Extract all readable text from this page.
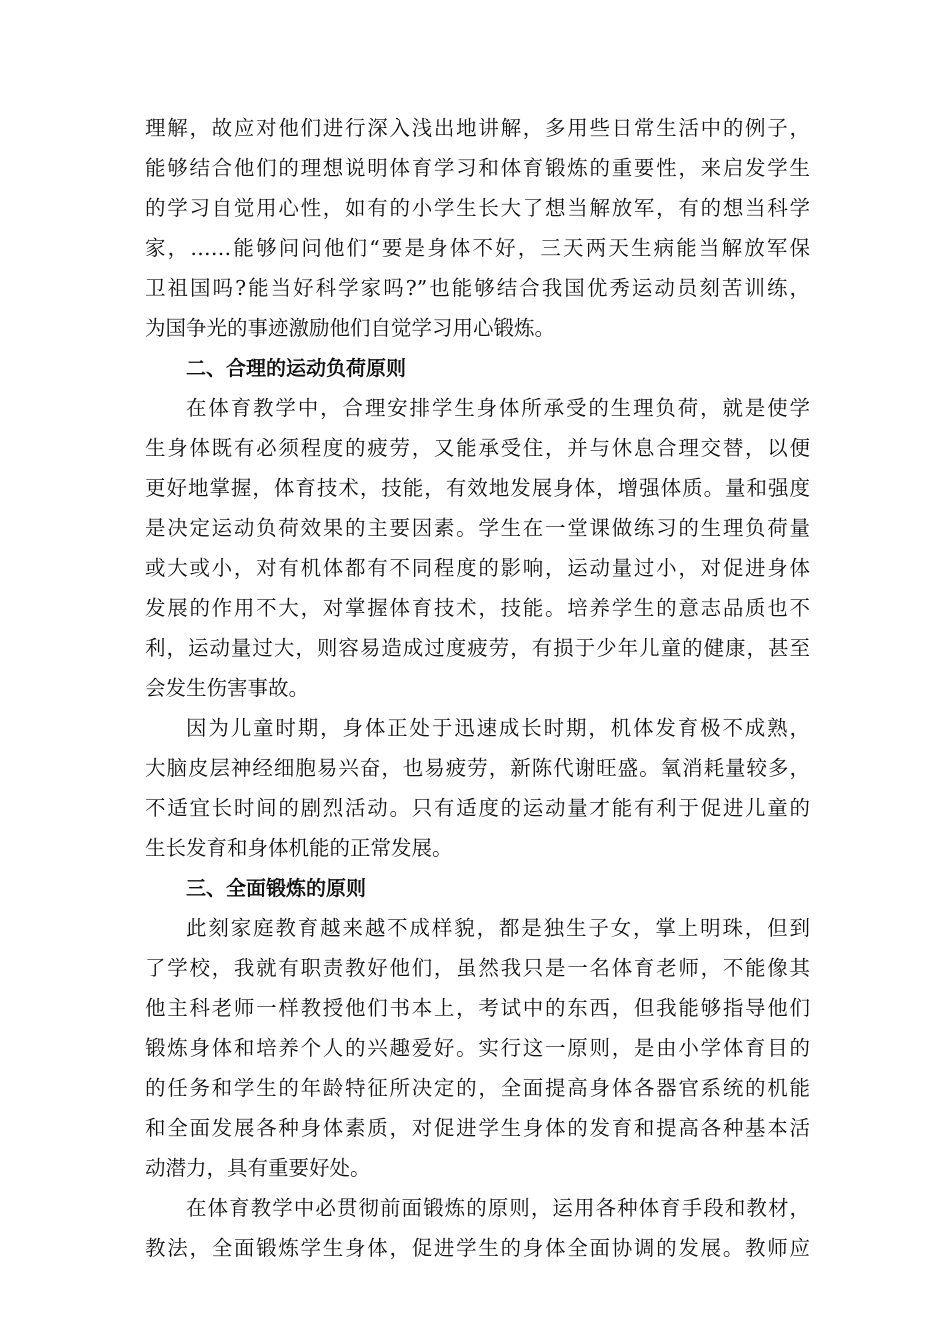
理解，故应对他们进行深入浅出地讲解，多用些日常生活中的例子，
能够结合他们的理想说明体育学习和体育锻炼的重要性，来启发学生
的学习自觉用心性，如有的小学生长大了想当解放军，有的想当科学
家，……能够问问他们“要是身体不好，三天两天生病能当解放军保
卫祖国吗?能当好科学家吗?”也能够结合我国优秀运动员刻苦训练，
为国争光的事迹激励他们自觉学习用心锻炼。
二、合理的运动负荷原则
在体育教学中，合理安排学生身体所承受的生理负荷，就是使学
生身体既有必须程度的疲劳，又能承受住，并与休息合理交替，以便
更好地掌握，体育技术，技能，有效地发展身体，增强体质。量和强度
是决定运动负荷效果的主要因素。学生在一堂课做练习的生理负荷量
或大或小，对有机体都有不同程度的影响，运动量过小，对促进身体
发展的作用不大，对掌握体育技术，技能。培养学生的意志品质也不
利，运动量过大，则容易造成过度疲劳，有损于少年儿童的健康，甚至
会发生伤害事故。
因为儿童时期，身体正处于迅速成长时期，机体发育极不成熟，
大脑皮层神经细胞易兴奋，也易疲劳，新陈代谢旺盛。氧消耗量较多，
不适宜长时间的剧烈活动。只有适度的运动量才能有利于促进儿童的
生长发育和身体机能的正常发展。
三、全面锻炼的原则
此刻家庭教育越来越不成样貌，都是独生子女，掌上明珠，但到
了学校，我就有职责教好他们，虽然我只是一名体育老师，不能像其
他主科老师一样教授他们书本上，考试中的东西，但我能够指导他们
锻炼身体和培养个人的兴趣爱好。实行这一原则，是由小学体育目的
的任务和学生的年龄特征所决定的，全面提高身体各器官系统的机能
和全面发展各种身体素质，对促进学生身体的发育和提高各种基本活
动潜力，具有重要好处。
在体育教学中必贯彻前面锻炼的原则，运用各种体育手段和教材，
教法，全面锻炼学生身体，促进学生的身体全面协调的发展。教师应
